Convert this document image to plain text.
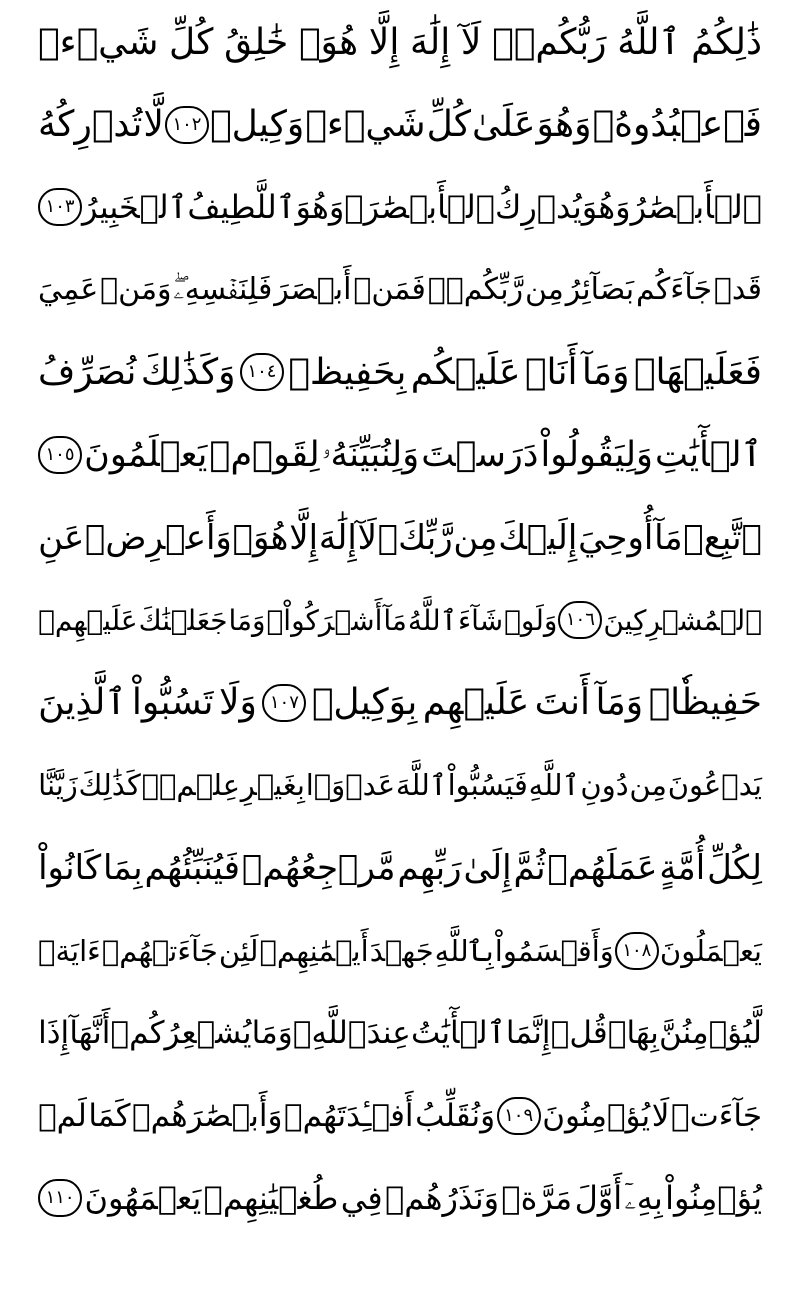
ذَٰلِكُمُ
ٱللَّهُ
رَبُّكُمۡۖ
لَآ
إِلَٰهَ
إِلَّا
هُوَۖ
خَٰلِقُ
كُلِّ
شَيۡءٖ
فَٱعۡبُدُوهُۚ
وَهُوَ
عَلَىٰ
كُلِّ
شَيۡءٖ
وَكِيلٞ
١٠٢
لَّا
تُدۡرِكُهُ
ٱلۡأَبۡصَٰرُ
وَهُوَ
يُدۡرِكُ
ٱلۡأَبۡصَٰرَۖ
وَهُوَ
ٱللَّطِيفُ
ٱلۡخَبِيرُ
١٠٣
قَدۡ
جَآءَكُم
بَصَآئِرُ
مِن
رَّبِّكُمۡۖ
فَمَنۡ
أَبۡصَرَ
فَلِنَفۡسِهِۦۖ
وَمَنۡ
عَمِيَ
فَعَلَيۡهَاۚ
وَمَآ
أَنَا۠
عَلَيۡكُم
بِحَفِيظٖ
١٠٤
وَكَذَٰلِكَ
نُصَرِّفُ
ٱلۡأٓيَٰتِ
وَلِيَقُولُواْ
دَرَسۡتَ
وَلِنُبَيِّنَهُۥ
لِقَوۡمٖ
يَعۡلَمُونَ
١٠٥
ٱتَّبِعۡ
مَآ
أُوحِيَ
إِلَيۡكَ
مِن
رَّبِّكَۖ
لَآ
إِلَٰهَ
إِلَّا
هُوَۖ
وَأَعۡرِضۡ
عَنِ
ٱلۡمُشۡرِكِينَ
١٠٦
وَلَوۡ
شَآءَ
ٱللَّهُ
مَآ
أَشۡرَكُواْۗ
وَمَا
جَعَلۡنَٰكَ
عَلَيۡهِمۡ
حَفِيظٗاۖ
وَمَآ
أَنتَ
عَلَيۡهِم
بِوَكِيلٖ
١٠٧
وَلَا
تَسُبُّواْ
ٱلَّذِينَ
يَدۡعُونَ
مِن
دُونِ
ٱللَّهِ
فَيَسُبُّواْ
ٱللَّهَ
عَدۡوَۢا
بِغَيۡرِ
عِلۡمٖۗ
كَذَٰلِكَ
زَيَّنَّا
لِكُلِّ
أُمَّةٍ
عَمَلَهُمۡ
ثُمَّ
إِلَىٰ
رَبِّهِم
مَّرۡجِعُهُمۡ
فَيُنَبِّئُهُم
بِمَا
كَانُواْ
يَعۡمَلُونَ
١٠٨
وَأَقۡسَمُواْ
بِٱللَّهِ
جَهۡدَ
أَيۡمَٰنِهِمۡ
لَئِن
جَآءَتۡهُمۡ
ءَايَةٞ
لَّيُؤۡمِنُنَّ
بِهَاۚ
قُلۡ
إِنَّمَا
ٱلۡأٓيَٰتُ
عِندَ
ٱللَّهِۖ
وَمَا
يُشۡعِرُكُمۡ
أَنَّهَآ
إِذَا
جَآءَتۡ
لَا
يُؤۡمِنُونَ
١٠٩
وَنُقَلِّبُ
أَفۡـِٔدَتَهُمۡ
وَأَبۡصَٰرَهُمۡ
كَمَا
لَمۡ
يُؤۡمِنُواْ
بِهِۦٓ
أَوَّلَ
مَرَّةٖ
وَنَذَرُهُمۡ
فِي
طُغۡيَٰنِهِمۡ
يَعۡمَهُونَ
١١٠
